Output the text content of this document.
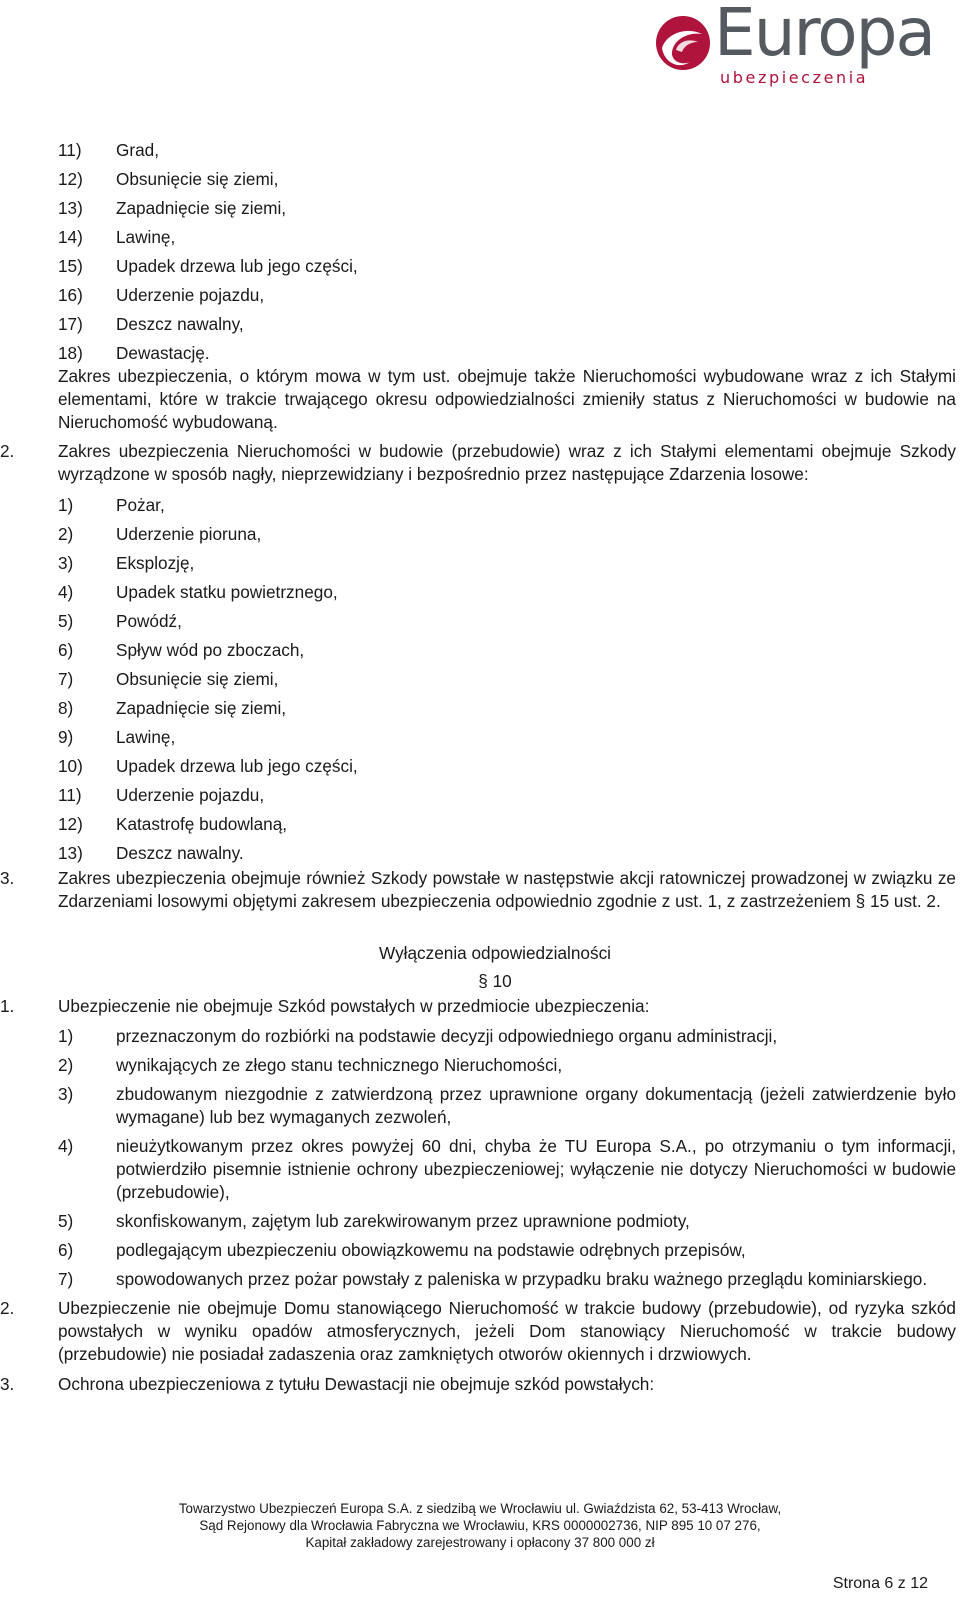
Europa
ubezpieczenia
11) Grad,
12) Obsunięcie się ziemi,
13) Zapadnięcie się ziemi,
14) Lawinę,
15) Upadek drzewa lub jego części,
16) Uderzenie pojazdu,
17) Deszcz nawalny,
18) Dewastację.
Zakres ubezpieczenia, o którym mowa w tym ust. obejmuje także Nieruchomości wybudowane wraz z ich Stałymi elementami, które w trakcie trwającego okresu odpowiedzialności zmieniły status z Nieruchomości w budowie na Nieruchomość wybudowaną.
2.	Zakres ubezpieczenia Nieruchomości w budowie (przebudowie) wraz z ich Stałymi elementami obejmuje Szkody wyrządzone w sposób nagły, nieprzewidziany i bezpośrednio przez następujące Zdarzenia losowe:
1) Pożar,
2) Uderzenie pioruna,
3) Eksplozję,
4) Upadek statku powietrznego,
5) Powódź,
6) Spływ wód po zboczach,
7) Obsunięcie się ziemi,
8) Zapadnięcie się ziemi,
9) Lawinę,
10) Upadek drzewa lub jego części,
11) Uderzenie pojazdu,
12) Katastrofę budowlaną,
13) Deszcz nawalny.
3.	Zakres ubezpieczenia obejmuje również Szkody powstałe w następstwie akcji ratowniczej prowadzonej w związku ze Zdarzeniami losowymi objętymi zakresem ubezpieczenia odpowiednio zgodnie z ust. 1, z zastrzeżeniem § 15 ust. 2.
Wyłączenia odpowiedzialności
§ 10
1.	Ubezpieczenie nie obejmuje Szkód powstałych w przedmiocie ubezpieczenia:
1) przeznaczonym do rozbiórki na podstawie decyzji odpowiedniego organu administracji,
2) wynikających ze złego stanu technicznego Nieruchomości,
3) zbudowanym niezgodnie z zatwierdzoną przez uprawnione organy dokumentacją (jeżeli zatwierdzenie było wymagane) lub bez wymaganych zezwoleń,
4) nieużytkowanym przez okres powyżej 60 dni, chyba że TU Europa S.A., po otrzymaniu o tym informacji, potwierdziło pisemnie istnienie ochrony ubezpieczeniowej; wyłączenie nie dotyczy Nieruchomości w budowie (przebudowie),
5) skonfiskowanym, zajętym lub zarekwirowanym przez uprawnione podmioty,
6) podlegającym ubezpieczeniu obowiązkowemu na podstawie odrębnych przepisów,
7) spowodowanych przez pożar powstały z paleniska w przypadku braku ważnego przeglądu kominiarskiego.
2.	Ubezpieczenie nie obejmuje Domu stanowiącego Nieruchomość w trakcie budowy (przebudowie), od ryzyka szkód powstałych w wyniku opadów atmosferycznych, jeżeli Dom stanowiący Nieruchomość w trakcie budowy (przebudowie) nie posiadał zadaszenia oraz zamkniętych otworów okiennych i drzwiowych.
3.	Ochrona ubezpieczeniowa z tytułu Dewastacji nie obejmuje szkód powstałych:
Towarzystwo Ubezpieczeń Europa S.A. z siedzibą we Wrocławiu ul. Gwiaździsta 62, 53-413 Wrocław,
Sąd Rejonowy dla Wrocławia Fabryczna we Wrocławiu, KRS 0000002736, NIP 895 10 07 276,
Kapitał zakładowy zarejestrowany i opłacony 37 800 000 zł
Strona 6 z 12
